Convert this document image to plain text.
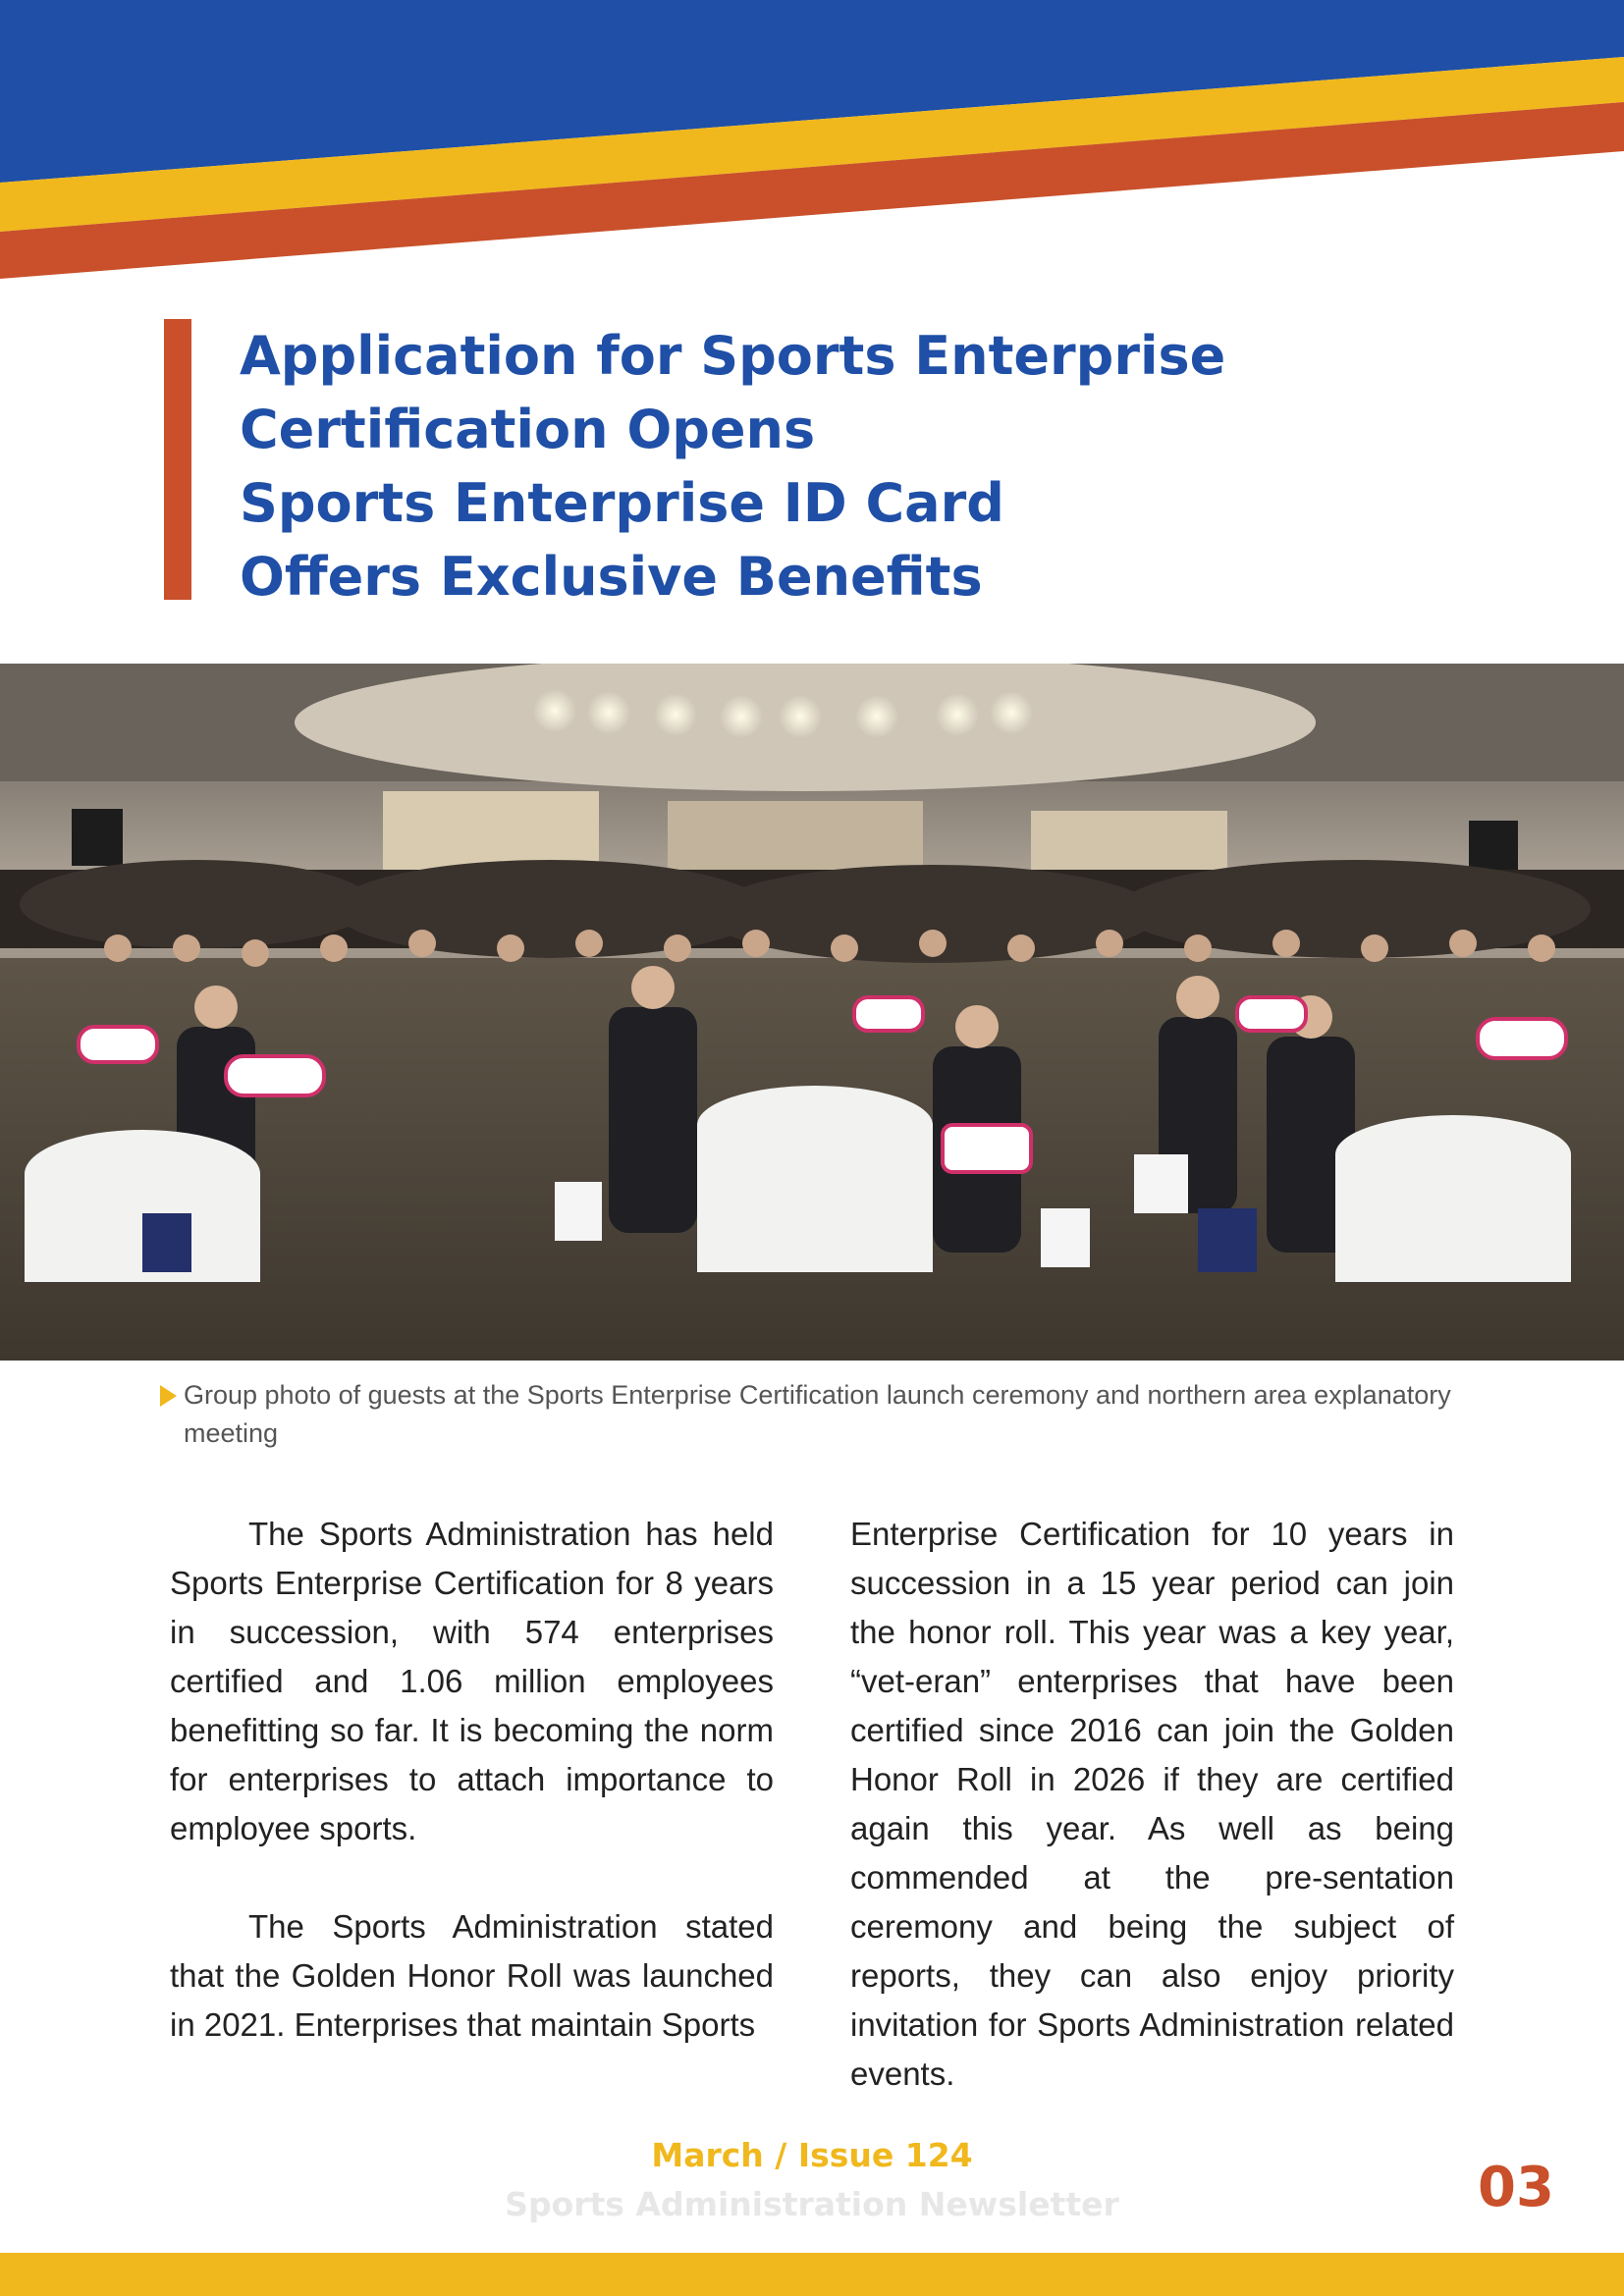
Application for Sports Enterprise
Certification Opens
Sports Enterprise ID Card
Offers Exclusive Benefits
Group photo of guests at the Sports Enterprise Certification launch ceremony and northern area explanatory meeting

The Sports Administration has held Sports Enterprise Certification for 8 years in succession, with 574 enterprises certified and 1.06 million employees benefitting so far. It is becoming the norm for enterprises to attach importance to employee sports.

The Sports Administration stated that the Golden Honor Roll was launched in 2021. Enterprises that maintain Sports

Enterprise Certification for 10 years in succession in a 15 year period can join the honor roll. This year was a key year, “vet-eran” enterprises that have been certified since 2016 can join the Golden Honor Roll in 2026 if they are certified again this year. As well as being commended at the pre-sentation ceremony and being the subject of reports, they can also enjoy priority invitation for Sports Administration related events.

March / Issue 124
Sports Administration Newsletter	03
